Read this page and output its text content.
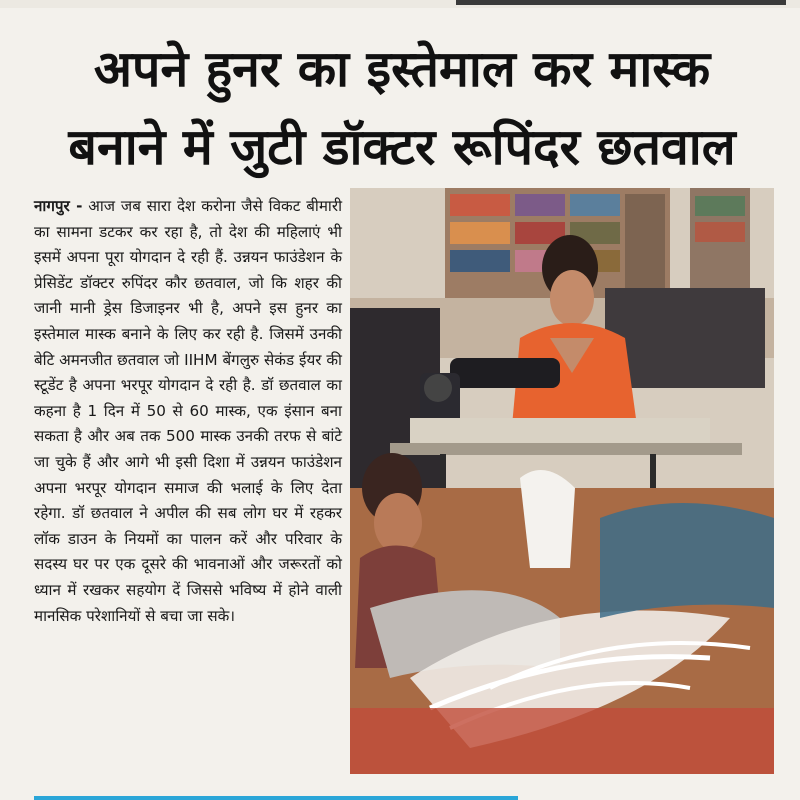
अपने हुनर का इस्तेमाल कर मास्क
बनाने में जुटी डॉक्टर रूपिंदर छतवाल
नागपुर - आज जब सारा देश करोना जैसे विकट बीमारी का सामना डटकर कर रहा है, तो देश की महिलाएं भी इसमें अपना पूरा योगदान दे रही हैं. उन्नयन फाउंडेशन के प्रेसिडेंट डॉक्टर रुपिंदर कौर छतवाल, जो कि शहर की जानी मानी ड्रेस डिजाइनर भी है, अपने इस हुनर का इस्तेमाल मास्क बनाने के लिए कर रही है. जिसमें उनकी बेटि अमनजीत छतवाल जो IIHM बेंगलुरु सेकंड ईयर की स्टूडेंट है अपना भरपूर योगदान दे रही है. डॉ छतवाल का कहना है 1 दिन में 50 से 60 मास्क, एक इंसान बना सकता है और अब तक 500 मास्क उनकी तरफ से बांटे जा चुके हैं और आगे भी इसी दिशा में उन्नयन फाउंडेशन अपना भरपूर योगदान समाज की भलाई के लिए देता रहेगा. डॉ छतवाल ने अपील की सब लोग घर में रहकर लॉक डाउन के नियमों का पालन करें और परिवार के सदस्य घर पर एक दूसरे की भावनाओं और जरूरतों को ध्यान में रखकर सहयोग दें जिससे भविष्य में होने वाली मानसिक परेशानियों से बचा जा सके।
